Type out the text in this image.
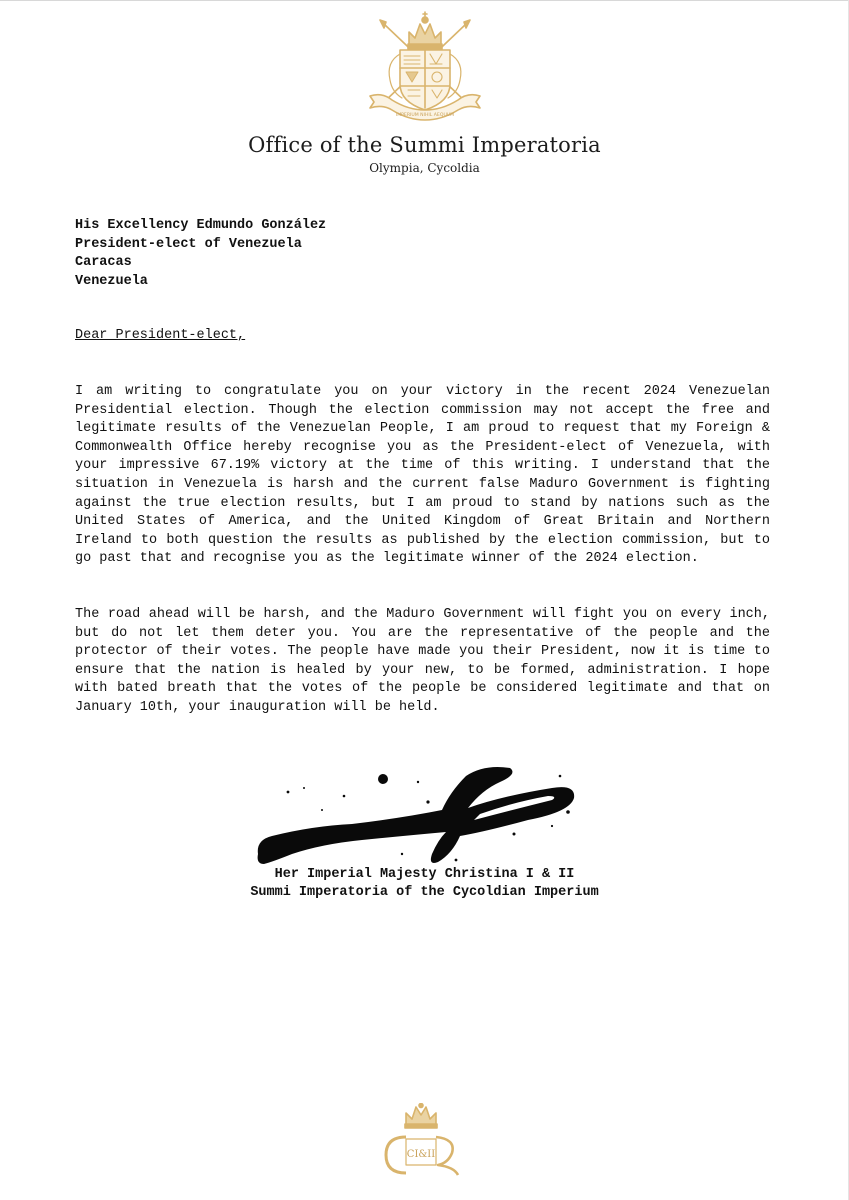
IMPERIUM NIHIL AEQUUM
Office of the Summi Imperatoria
Olympia, Cycoldia
His Excellency Edmundo González
President-elect of Venezuela
Caracas
Venezuela
Dear President-elect,

I am writing to congratulate you on your victory in the recent 2024 Venezuelan Presidential election. Though the election commission may not accept the free and legitimate results of the Venezuelan People, I am proud to request that my Foreign & Commonwealth Office hereby recognise you as the President-elect of Venezuela, with your impressive 67.19% victory at the time of this writing. I understand that the situation in Venezuela is harsh and the current false Maduro Government is fighting against the true election results, but I am proud to stand by nations such as the United States of America, and the United Kingdom of Great Britain and Northern Ireland to both question the results as published by the election commission, but to go past that and recognise you as the legitimate winner of the 2024 election.

The road ahead will be harsh, and the Maduro Government will fight you on every inch, but do not let them deter you. You are the representative of the people and the protector of their votes. The people have made you their President, now it is time to ensure that the nation is healed by your new, to be formed, administration. I hope with bated breath that the votes of the people be considered legitimate and that on January 10th, your inauguration will be held.

Her Imperial Majesty Christina I & II
Summi Imperatoria of the Cycoldian Imperium
CI&II
